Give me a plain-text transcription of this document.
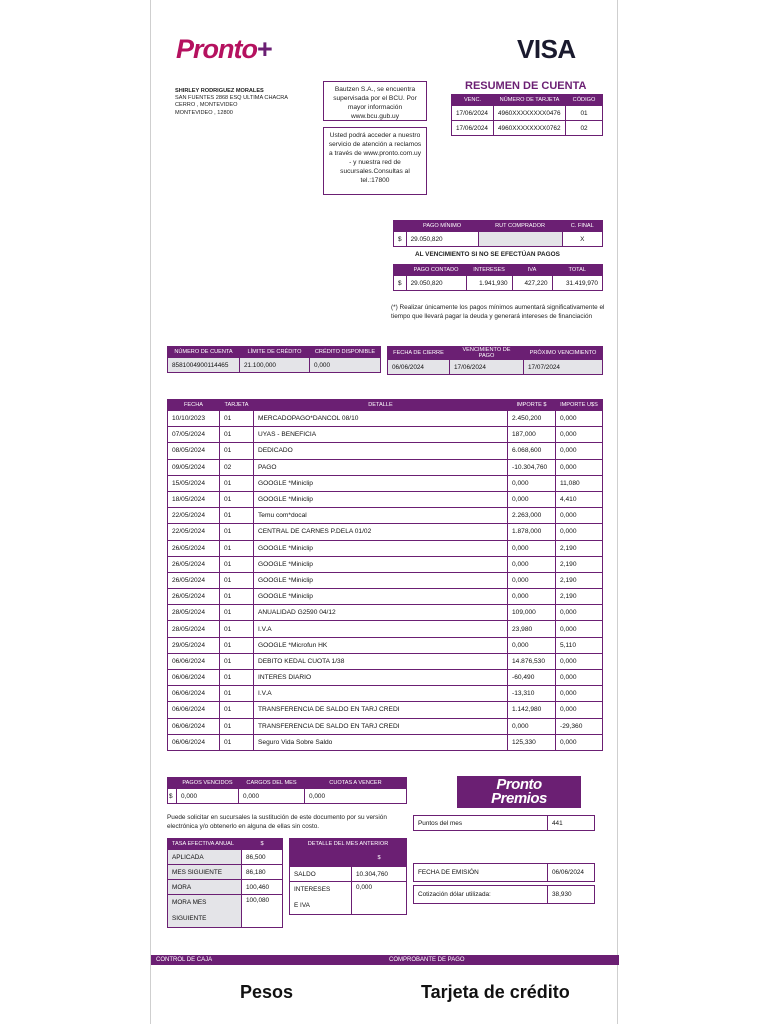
Pronto+	VISA
SHIRLEY RODRIGUEZ MORALES
SAN FUENTES 2868 ESQ ULTIMA CHACRA
CERRO , MONTEVIDEO
MONTEVIDEO , 12800
Bautzen S.A., se encuentra supervisada por el BCU. Por mayor información www.bcu.gub.uy
Usted podrá acceder a nuestro servicio de atención a reclamos a través de www.pronto.com.uy - y nuestra red de sucursales.Consultas al tel.:17800
RESUMEN DE CUENTA
VENC.	NÚMERO DE TARJETA	CÓDIGO
17/06/2024	4960XXXXXXXX0476	01
17/06/2024	4960XXXXXXXX0762	02
	PAGO MÍNIMO	RUT COMPRADOR	C. FINAL
$	29.050,820		X
AL VENCIMIENTO SI NO SE EFECTÚAN PAGOS
	PAGO CONTADO	INTERESES	IVA	TOTAL
$	29.050,820	1.941,930	427,220	31.419,970
(*) Realizar únicamente los pagos mínimos aumentará significativamente el tiempo que llevará pagar la deuda y generará intereses de financiación
NÚMERO DE CUENTA	LÍMITE DE CRÉDITO	CRÉDITO DISPONIBLE
8581004900114465	21.100,000	0,000
FECHA DE CIERRE	VENCIMIENTO DE PAGO	PRÓXIMO VENCIMIENTO
06/06/2024	17/06/2024	17/07/2024
FECHA	TARJETA	DETALLE	IMPORTE $	IMPORTE U$S
10/10/2023	01	MERCADOPAGO*DANCOL 08/10	2.450,200	0,000
07/05/2024	01	UYAS - BENEFICIA	187,000	0,000
08/05/2024	01	DEDICADO	6.068,600	0,000
09/05/2024	02	PAGO	-10.304,760	0,000
15/05/2024	01	GOOGLE *Miniclip	0,000	11,080
18/05/2024	01	GOOGLE *Miniclip	0,000	4,410
22/05/2024	01	Temu com*docal	2.263,000	0,000
22/05/2024	01	CENTRAL DE CARNES P.DELA 01/02	1.878,000	0,000
26/05/2024	01	GOOGLE *Miniclip	0,000	2,190
26/05/2024	01	GOOGLE *Miniclip	0,000	2,190
26/05/2024	01	GOOGLE *Miniclip	0,000	2,190
26/05/2024	01	GOOGLE *Miniclip	0,000	2,190
28/05/2024	01	ANUALIDAD G2590 04/12	109,000	0,000
28/05/2024	01	I.V.A	23,980	0,000
29/05/2024	01	GOOGLE *Microfun HK	0,000	5,110
06/06/2024	01	DEBITO KEDAL CUOTA 1/38	14.876,530	0,000
06/06/2024	01	INTERES DIARIO	-60,490	0,000
06/06/2024	01	I.V.A	-13,310	0,000
06/06/2024	01	TRANSFERENCIA DE SALDO EN TARJ CREDI	1.142,980	0,000
06/06/2024	01	TRANSFERENCIA DE SALDO EN TARJ CREDI	0,000	-29,360
06/06/2024	01	Seguro Vida Sobre Saldo	125,330	0,000
	PAGOS VENCIDOS	CARGOS DEL MES	CUOTAS A VENCER
$	0,000	0,000	0,000
Puede solicitar en sucursales la sustitución de este documento por su versión electrónica y/o obtenerlo en alguna de ellas sin costo.
TASA EFECTIVA ANUAL	$
APLICADA	86,500
MES SIGUIENTE	86,180
MORA	100,460
MORA MES SIGUIENTE	100,080
DETALLE DEL MES ANTERIOR	
	$
SALDO	10.304,760
INTERESES E IVA	0,000
Pronto
Premios
Puntos del mes	441
FECHA DE EMISIÓN	06/06/2024
Cotización dólar utilizada:	38,930
CONTROL DE CAJA	COMPROBANTE DE PAGO
Pesos	Tarjeta de crédito
